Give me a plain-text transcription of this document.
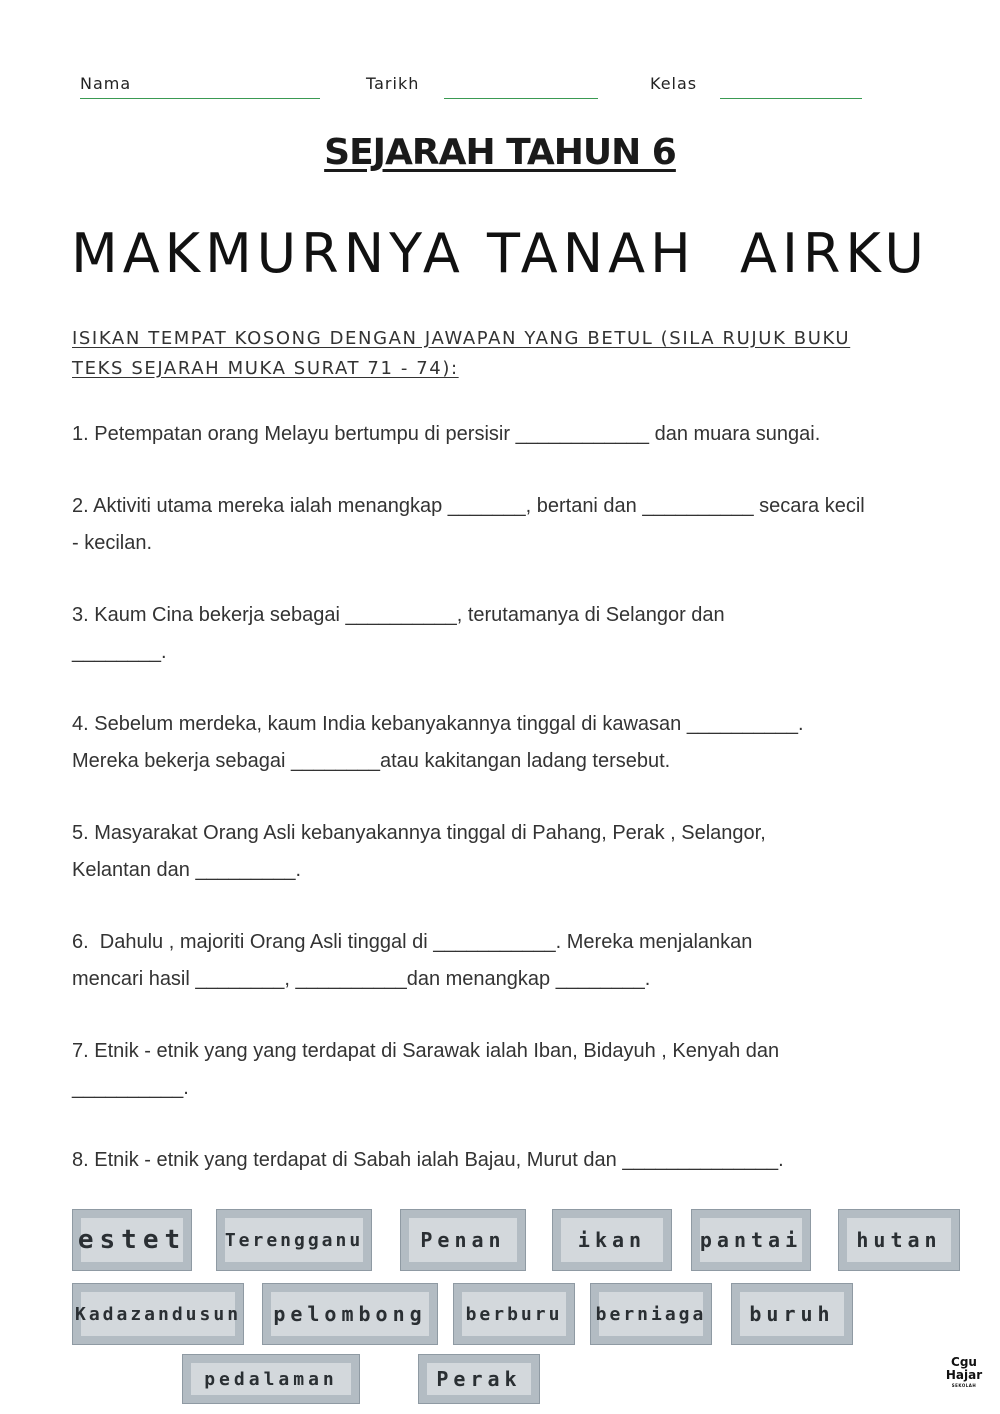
Nama	Tarikh	Kelas
SEJARAH TAHUN 6
MAKMURNYA TANAH  AIRKU
ISIKAN TEMPAT KOSONG DENGAN JAWAPAN YANG BETUL (SILA RUJUK BUKU TEKS SEJARAH MUKA SURAT 71 - 74):
1. Petempatan orang Melayu bertumpu di persisir ____________ dan muara sungai.
2. Aktiviti utama mereka ialah menangkap _______, bertani dan __________ secara kecil - kecilan.
3. Kaum Cina bekerja sebagai __________, terutamanya di Selangor dan
________.
4. Sebelum merdeka, kaum India kebanyakannya tinggal di kawasan __________.
Mereka bekerja sebagai ________atau kakitangan ladang tersebut.
5. Masyarakat Orang Asli kebanyakannya tinggal di Pahang, Perak , Selangor,
Kelantan dan _________.
6.  Dahulu , majoriti Orang Asli tinggal di ___________. Mereka menjalankan
mencari hasil ________, __________dan menangkap ________.
7. Etnik - etnik yang yang terdapat di Sarawak ialah Iban, Bidayuh , Kenyah dan
__________.
8. Etnik - etnik yang terdapat di Sabah ialah Bajau, Murut dan ______________.
estet Terengganu	Penan	ikan	pantai	hutan
Kadazandusun pelombong berburu berniaga	buruh
pedalaman	Perak
Cgu
Hajar
SEKOLAH
